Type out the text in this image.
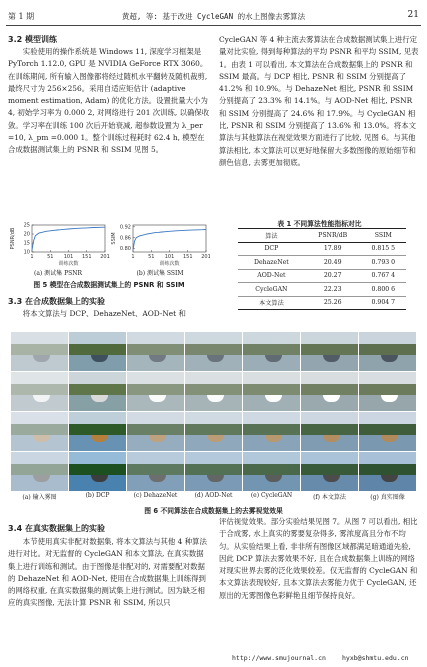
第 1 期	黄超, 等: 基于改进 CycleGAN 的水上图像去雾算法	21
3.2 模型训练

实验使用的操作系统是 Windows 11, 深度学习框架是 PyTorch 1.12.0, GPU 是 NVIDIA GeForce RTX 3060。在训练期间, 所有输入图像都将经过随机水平翻转及随机裁剪, 最终尺寸为 256×256。采用自适应矩估计 (adaptive moment estimation, Adam) 的优化方法。设置批量大小为 4, 初始学习率为 0.000 2, 对网络进行 201 次训练, 以确保收敛。学习率在训练 100 次后开始衰减, 超参数设置为 λ_per =10, λ_pm =0.000 1。整个训练过程耗时 62.4 h, 模型在合成数据测试集上的 PSNR 和 SSIM 见图 5。

PSNR/dB
25
20
15
10
1	51 101 151 201
训练次数
SSIM
0.92
0.86
0.80
1	51 101 151 201
训练次数
(a) 测试集 PSNR	(b) 测试集 SSIM
图 5 模型在合成数据测试集上的 PSNR 和 SSIM
3.3 在合成数据集上的实验

将本文算法与 DCP、DehazeNet、AOD-Net 和

CycleGAN 等 4 种主流去雾算法在合成数据测试集上进行定量对比实验, 得到每种算法的平均 PSNR 和平均 SSIM, 见表 1。由表 1 可以看出, 本文算法在合成数据集上的 PSNR 和 SSIM 最高。与 DCP 相比, PSNR 和 SSIM 分别提高了 41.2% 和 10.9%。与 DehazeNet 相比, PSNR 和 SSIM 分别提高了 23.3% 和 14.1%。与 AOD-Net 相比, PSNR 和 SSIM 分别提高了 24.6% 和 17.9%。与 CycleGAN 相比, PSNR 和 SSIM 分别提高了 13.6% 和 13.0%。将本文算法与其他算法在视觉效果方面进行了比较, 见图 6。与其他算法相比, 本文算法可以更好地保留大多数图像的原始细节和颜色信息, 去雾更加彻底。

表 1 不同算法性能指标对比
算法	PSNR/dB	SSIM
DCP	17.89	0.815 5
DehazeNet	20.49	0.793 0
AOD-Net	20.27	0.767 4
CycleGAN	22.23	0.800 6
本文算法	25.26	0.904 7
(a) 输入雾图	(b) DCP	(c) DehazeNet	(d) AOD-Net	(e) CycleGAN	(f) 本文算法	(g) 真实图像
图 6 不同算法在合成数据集上的去雾视觉效果
3.4 在真实数据集上的实验

本节使用真实非配对数据集, 将本文算法与其他 4 种算法进行对比。对无监督的 CycleGAN 和本文算法, 在真实数据集上进行训练和测试。由于图像是非配对的, 对需要配对数据的 DehazeNet 和 AOD-Net, 使用在合成数据集上训练得到的网络权重, 在真实数据集的测试集上进行测试。因为缺乏相应的真实图像, 无法计算 PSNR 和 SSIM, 所以只

评估视觉效果。部分实验结果见图 7。从图 7 可以看出, 相比于合成雾, 水上真实的雾要复杂得多, 雾浓度高且分布不均匀。从实验结果上看, 非非所有图像区域都满足暗通道先验, 因此 DCP 算法去雾效果不好, 且在合成数据集上训练的网络对现实世界去雾的泛化效果较差。仅无监督的 CycleGAN 和本文算法表现较好, 且本文算法去雾能力优于 CycleGAN, 还原出的无雾图像色彩鲜艳且细节保持良好。

http://www.smujournal.cn hyxb@shmtu.edu.cn
